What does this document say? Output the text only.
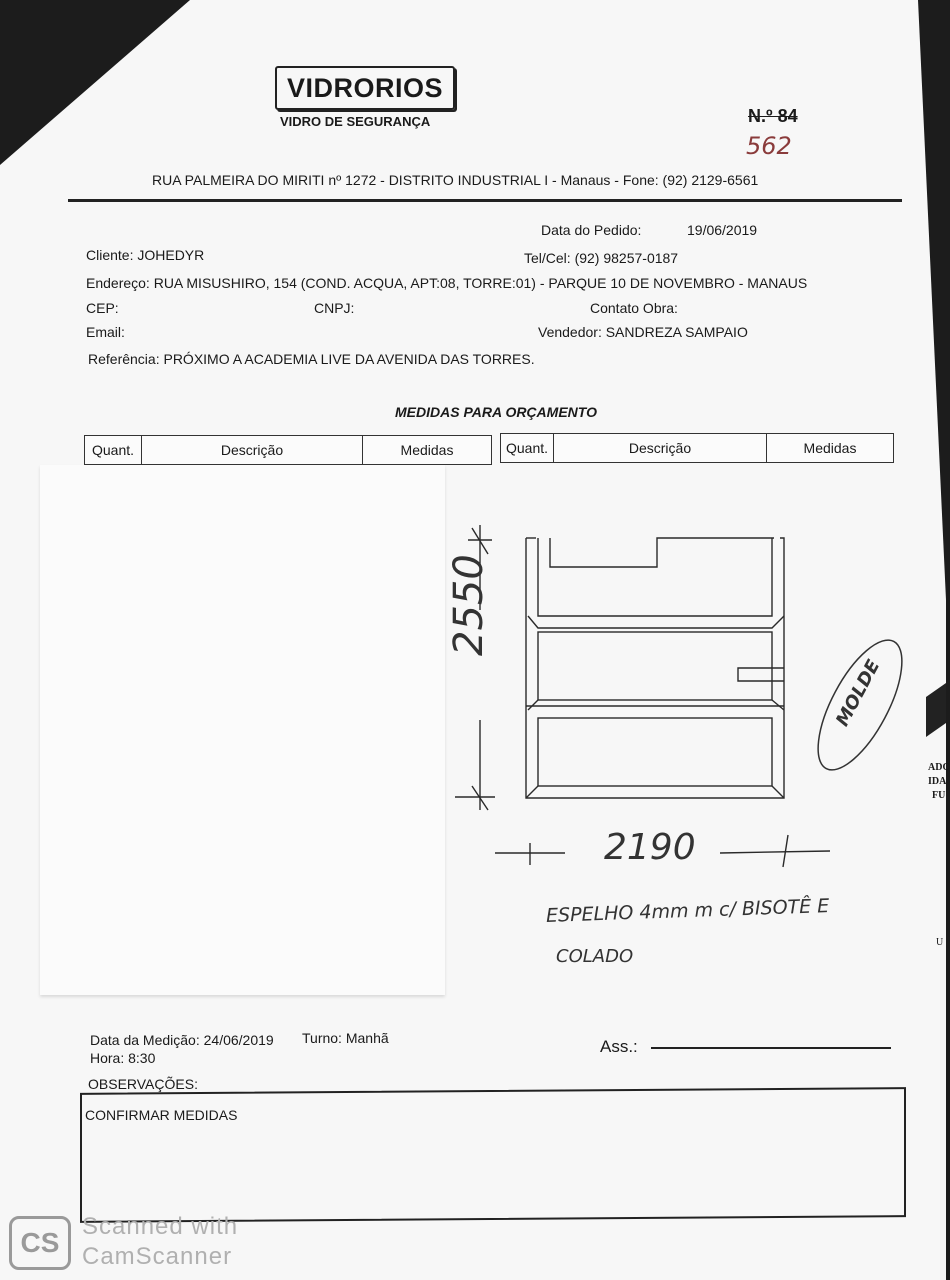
ADC
IDA
FU
U
VIDRORIOS
VIDRO DE SEGURANÇA	N.º 84
562
RUA PALMEIRA DO MIRITI nº 1272 - DISTRITO INDUSTRIAL I - Manaus - Fone: (92) 2129-6561
Data do Pedido:	19/06/2019
Cliente: JOHEDYR	Tel/Cel: (92) 98257-0187
Endereço: RUA MISUSHIRO, 154 (COND. ACQUA, APT:08, TORRE:01) - PARQUE 10 DE NOVEMBRO - MANAUS
CEP:	CNPJ:	Contato Obra:
Email:	Vendedor: SANDREZA SAMPAIO
Referência: PRÓXIMO A ACADEMIA LIVE DA AVENIDA DAS TORRES.
MEDIDAS PARA ORÇAMENTO
Quant.	Descrição	Medidas	Quant.	Descrição	Medidas
2550
2190
MOLDE
ESPELHO 4mm m c/ BISOTÊ E
COLADO
Data da Medição: 24/06/2019 Turno: Manhã
Hora: 8:30
Ass.:
OBSERVAÇÕES:
CONFIRMAR MEDIDAS
CS
Scanned with
CamScanner
